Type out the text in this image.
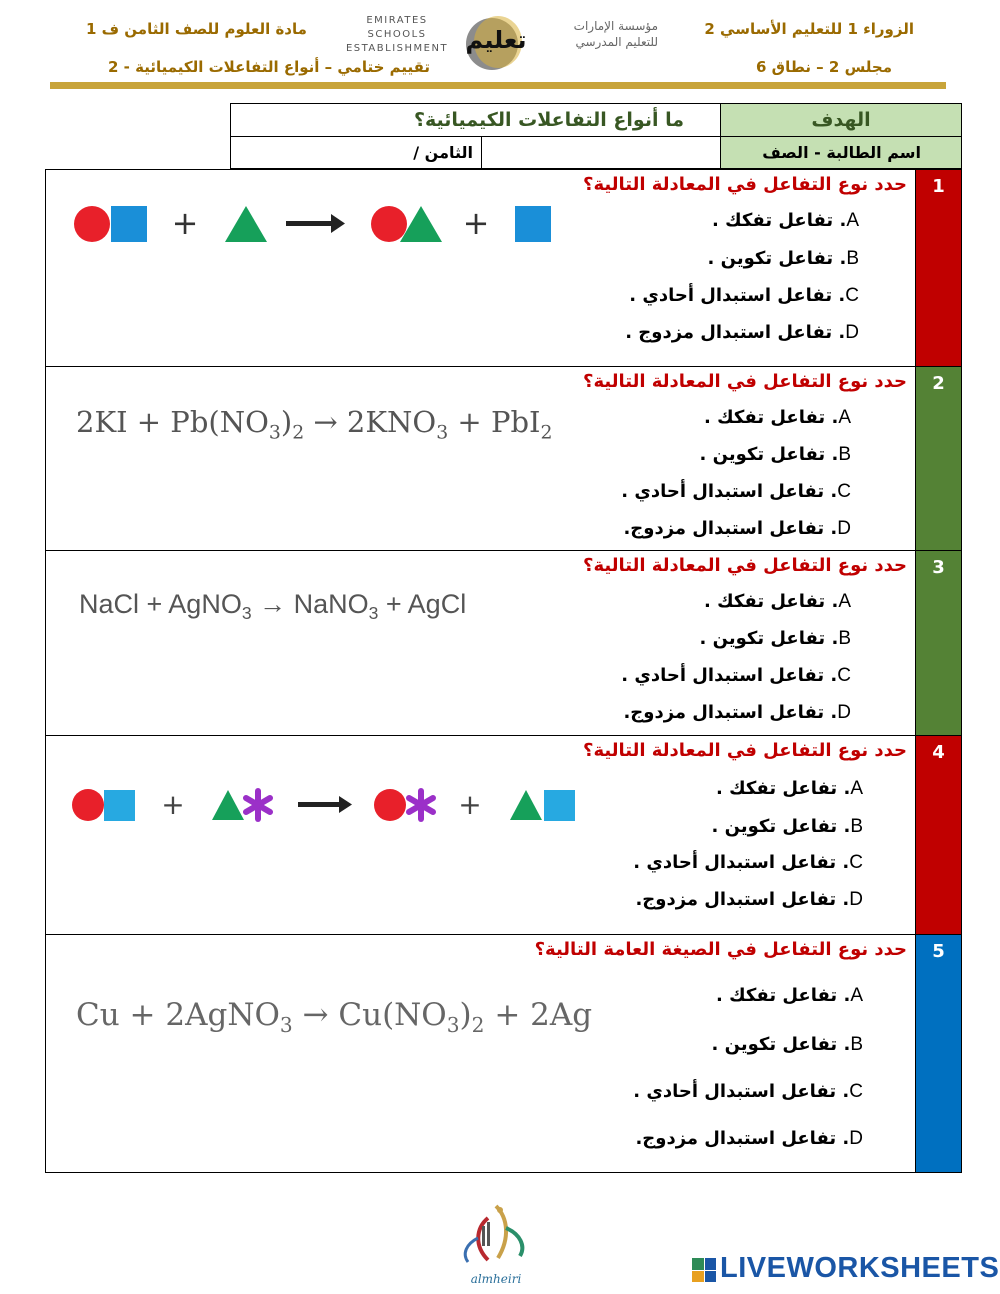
الزوراء 1 للتعليم الأساسي 2
مجلس 2 – نطاق 6
مادة العلوم للصف الثامن ف 1
تقييم ختامي – أنواع التفاعلات الكيميائية - 2
EMIRATES SCHOOLS
ESTABLISHMENT تعليم	مؤسسة الإمارات
للتعليم المدرسي
الهدف
ما أنواع التفاعلات الكيميائية؟
اسم الطالبة - الصف
الثامن /
1
حدد نوع التفاعل في المعادلة التالية؟
A. تفاعل تفكك .
B. تفاعل تكوين .
C. تفاعل استبدال أحادي .
D. تفاعل استبدال مزدوج .
+	+
2
حدد نوع التفاعل في المعادلة التالية؟
A. تفاعل تفكك .
B. تفاعل تكوين .
C. تفاعل استبدال أحادي .
D. تفاعل استبدال مزدوج.
$2KI + Pb(NO_3)_2 \to 2KNO_3 + PbI_2$
3
حدد نوع التفاعل في المعادلة التالية؟
A. تفاعل تفكك .
B. تفاعل تكوين .
C. تفاعل استبدال أحادي .
D. تفاعل استبدال مزدوج.
NaCl + AgNO$_3$ → NaNO$_3$ + AgCl
4
حدد نوع التفاعل في المعادلة التالية؟
A. تفاعل تفكك .
B. تفاعل تكوين .
C. تفاعل استبدال أحادي .
D. تفاعل استبدال مزدوج.
+	+
5
حدد نوع التفاعل في الصيغة العامة التالية؟
A. تفاعل تفكك .
B. تفاعل تكوين .
C. تفاعل استبدال أحادي .
D. تفاعل استبدال مزدوج.
Cu + 2AgNO$_3$ → $Cu(NO_3)_2 + 2Ag$
almheiri	LIVEWORKSHEETS
